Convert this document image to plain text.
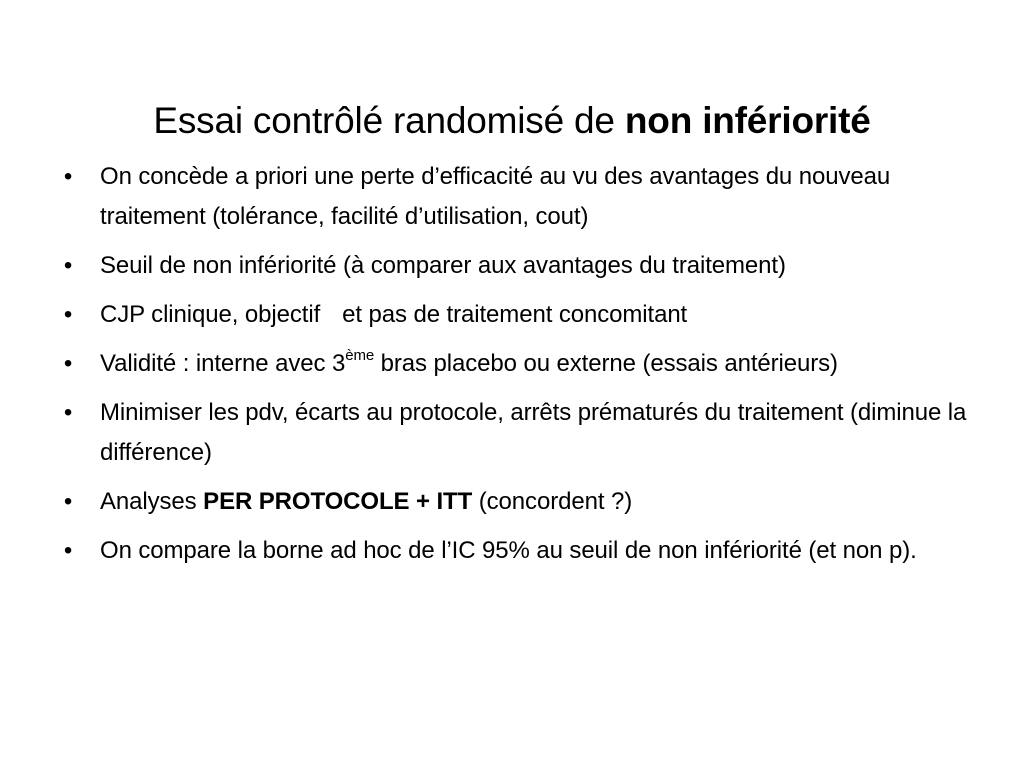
Essai contrôlé randomisé de non infériorité
• On concède a priori une perte d’efficacité au vu des avantages du nouveau traitement (tolérance, facilité d’utilisation, cout)
• Seuil de non infériorité (à comparer aux avantages du traitement)
• CJP clinique, objectif et pas de traitement concomitant
• Validité : interne avec 3ème bras placebo ou externe (essais antérieurs)
• Minimiser les pdv, écarts au protocole, arrêts prématurés du traitement (diminue la différence)
• Analyses PER PROTOCOLE + ITT (concordent ?)
• On compare la borne ad hoc de l’IC 95% au seuil de non infériorité (et non p).
